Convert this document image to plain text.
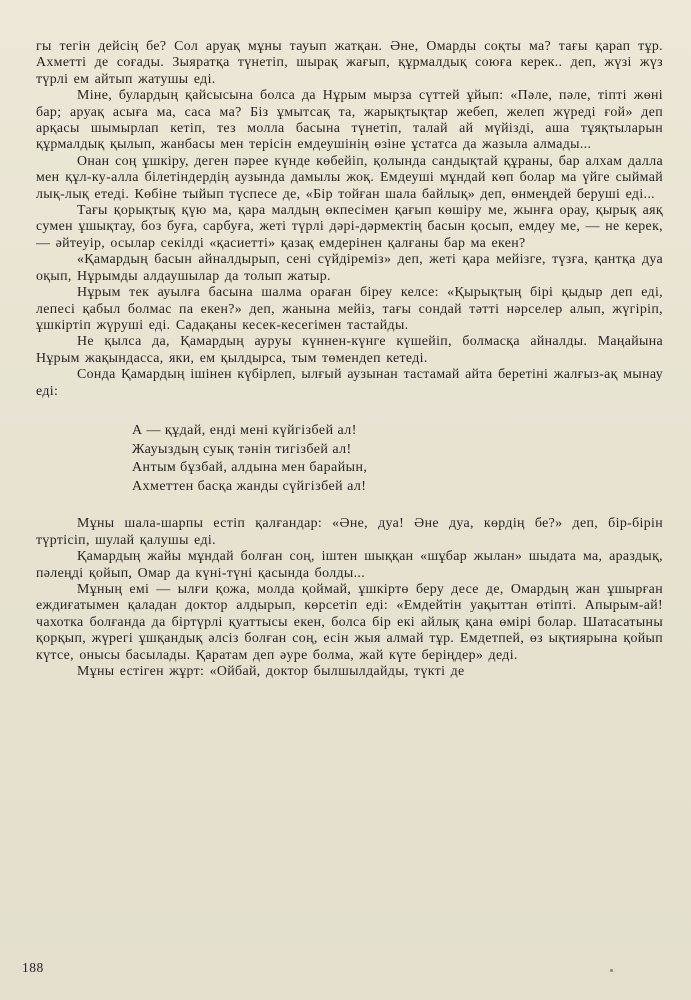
гы тегін дейсің бе? Сол аруақ мұны тауып жатқан. Әне, Омарды соқты ма? тағы қарап тұр. Ахметті де соғады. Зыяратқа түнетіп, шырақ жағып, құрмалдық союға керек.. деп, жүзі жүз түрлі ем айтып жатушы еді.

Міне, булардың қайсысына болса да Нұрым мырза сүттей ұйып: «Пәле, пәле, тіпті жөні бар; аруақ асыға ма, саса ма? Біз ұмытсақ та, жарықтықтар жебеп, желеп жүреді ғой» деп арқасы шымырлап кетіп, тез молла басына түнетіп, талай ай мүйізді, аша тұяқтыларын құрмалдық қылып, жанбасы мен терісін емдеушінің өзіне ұстатса да жазыла алмады...

Онан соң ұшкіру, деген пәрее күнде көбейіп, қолында сандықтай құраны, бар алхам далла мен құл-ку-алла білетіндердің аузында дамылы жоқ. Емдеуші мұндай көп болар ма үйге сыймай лық-лық етеді. Көбіне тыйып түспесе де, «Бір тойған шала байлық» деп, өнмеңдей беруші еді...

Тағы қорықтық қүю ма, қара малдың өкпесімен қағып көшіру ме, жынға орау, қырық аяқ сумен ұшықтау, боз буға, сарбуға, жеті түрлі дәрі-дәрмектің басын қосып, емдеу ме, — не керек, — әйтеуір, осылар секілді «қасиетті» қазақ емдерінен қалғаны бар ма екен?

«Қамардың басын айналдырып, сені сүйдіреміз» деп, жеті қара мейізге, түзға, қантқа дуа оқып, Нұрымды алдаушылар да толып жатыр.

Нұрым тек ауылға басына шалма ораған біреу келсе: «Қырықтың бірі қыдыр деп еді, лепесі қабыл болмас па екен?» деп, жанына мейіз, тағы сондай тәтті нәрселер алып, жүгіріп, ұшкіртіп жүруші еді. Садақаны кесек-кесегімен тастайды.

Не қылса да, Қамардың ауруы күннен-күнге күшейіп, болмасқа айналды. Маңайына Нұрым жақындасса, яки, ем қылдырса, тым төмендеп кетеді.

Сонда Қамардың ішінен күбірлеп, ылғый аузынан тастамай айта беретіні жалғыз-ақ мынау еді:

А — құдай, енді мені күйгізбей ал!
Жауыздың суық тәнін тигізбей ал!
Антым бұзбай, алдына мен барайын,
Ахметтен басқа жанды сүйгізбей ал!

Мұны шала-шарпы естіп қалғандар: «Әне, дуа! Әне дуа, көрдің бе?» деп, бір-бірін түртісіп, шулай қалушы еді.

Қамардың жайы мұндай болған соң, іштен шыққан «шұбар жылан» шыдата ма, араздық, пәлеңді қойып, Омар да күні-түні қасында болды...

Мұның емі — ылғи қожа, молда қоймай, ұшкіртө беру десе де, Омардың жан ұшырған еждиғатымен қаладан доктор алдырып, көрсетіп еді: «Емдейтін уақыттан өтіпті. Апырым-ай! чахотка болғанда да біртүрлі қуаттысы екен, болса бір екі айлық қана өмірі болар. Шатасатыны қорқып, жүрегі ұшқандық әлсіз болған соң, есін жыя алмай тұр. Емдетпей, өз ықтиярына қойып күтсе, онысы басылады. Қаратам деп әуре болма, жай күте беріңдер» деді.

Мұны естіген жұрт: «Ойбай, доктор былшылдайды, түкті де

188
